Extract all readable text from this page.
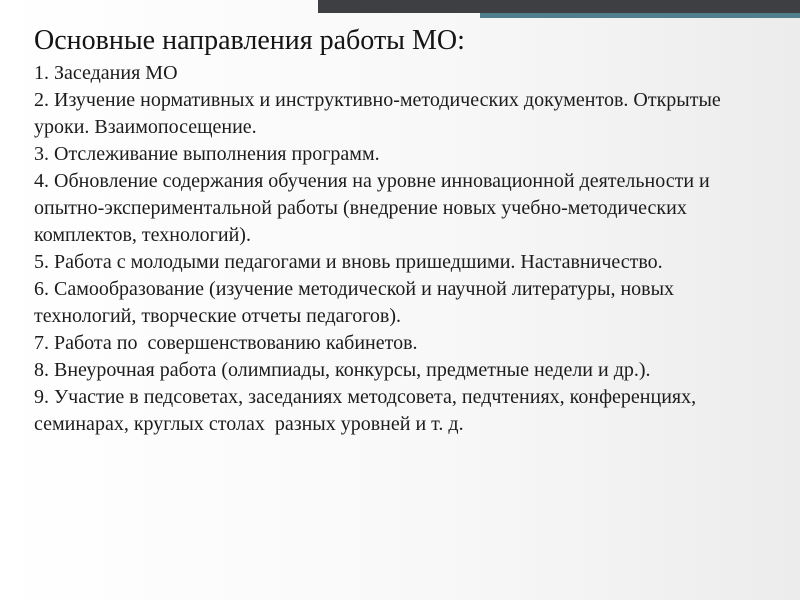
Основные направления работы МО:
1. Заседания МО
2. Изучение нормативных и инструктивно-методических документов. Открытые уроки. Взаимопосещение.
3. Отслеживание выполнения программ.
4. Обновление содержания обучения на уровне инновационной деятельности и опытно-экспериментальной работы (внедрение новых учебно-методических комплектов, технологий).
5. Работа с молодыми педагогами и вновь пришедшими. Наставничество.
6. Самообразование (изучение методической и научной литературы, новых технологий, творческие отчеты педагогов).
7. Работа по  совершенствованию кабинетов.
8. Внеурочная работа (олимпиады, конкурсы, предметные недели и др.).
9. Участие в педсоветах, заседаниях методсовета, педчтениях, конференциях, семинарах, круглых столах  разных уровней и т. д.
